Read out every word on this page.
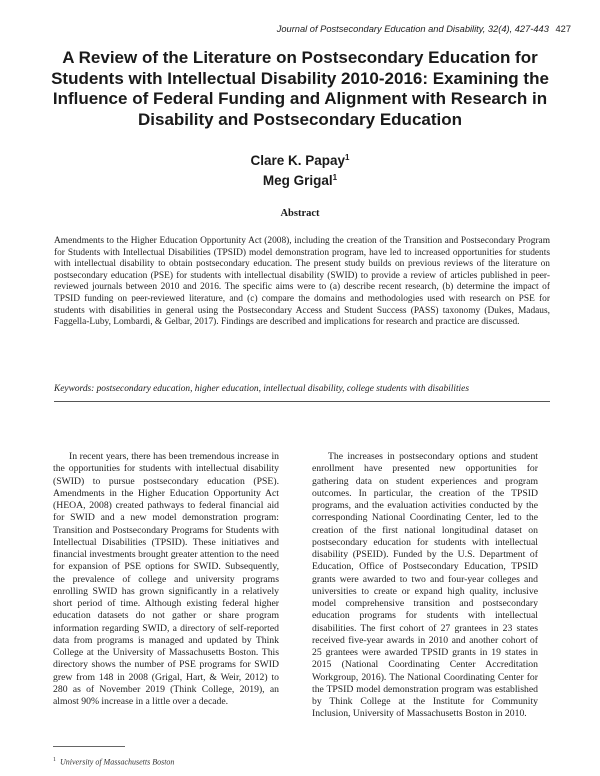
Journal of Postsecondary Education and Disability, 32(4), 427-443 427
A Review of the Literature on Postsecondary Education for Students with Intellectual Disability 2010-2016: Examining the Influence of Federal Funding and Alignment with Research in Disability and Postsecondary Education
Clare K. Papay$^1$
Meg Grigal$^1$
Abstract

Amendments to the Higher Education Opportunity Act (2008), including the creation of the Transition and Postsecondary Program for Students with Intellectual Disabilities (TPSID) model demonstration program, have led to increased opportunities for students with intellectual disability to obtain postsecondary education. The present study builds on previous reviews of the literature on postsecondary education (PSE) for students with intellectual disability (SWID) to provide a review of articles published in peer-reviewed journals between 2010 and 2016. The specific aims were to (a) describe recent research, (b) determine the impact of TPSID funding on peer-reviewed literature, and (c) compare the domains and methodologies used with research on PSE for students with disabilities in general using the Postsecondary Access and Student Success (PASS) taxonomy (Dukes, Madaus, Faggella-Luby, Lombardi, & Gelbar, 2017). Findings are described and implications for research and practice are discussed.

Keywords: postsecondary education, higher education, intellectual disability, college students with disabilities

In recent years, there has been tremendous increase in the opportunities for students with intellectual disability (SWID) to pursue postsecondary education (PSE). Amendments in the Higher Education Opportunity Act (HEOA, 2008) created pathways to federal financial aid for SWID and a new model demonstration program: Transition and Postsecondary Programs for Students with Intellectual Disabilities (TPSID). These initiatives and financial investments brought greater attention to the need for expansion of PSE options for SWID. Subsequently, the prevalence of college and university programs enrolling SWID has grown significantly in a relatively short period of time. Although existing federal higher education datasets do not gather or share program information regarding SWID, a directory of self-reported data from programs is managed and updated by Think College at the University of Massachusetts Boston. This directory shows the number of PSE programs for SWID grew from 148 in 2008 (Grigal, Hart, & Weir, 2012) to 280 as of November 2019 (Think College, 2019), an almost 90% increase in a little over a decade.

The increases in postsecondary options and student enrollment have presented new opportunities for gathering data on student experiences and program outcomes. In particular, the creation of the TPSID programs, and the evaluation activities conducted by the corresponding National Coordinating Center, led to the creation of the first national longitudinal dataset on postsecondary education for students with intellectual disability (PSEID). Funded by the U.S. Department of Education, Office of Postsecondary Education, TPSID grants were awarded to two and four-year colleges and universities to create or expand high quality, inclusive model comprehensive transition and postsecondary education programs for students with intellectual disabilities. The first cohort of 27 grantees in 23 states received five-year awards in 2010 and another cohort of 25 grantees were awarded TPSID grants in 19 states in 2015 (National Coordinating Center Accreditation Workgroup, 2016). The National Coordinating Center for the TPSID model demonstration program was established by Think College at the Institute for Community Inclusion, University of Massachusetts Boston in 2010.

$^1$ University of Massachusetts Boston
